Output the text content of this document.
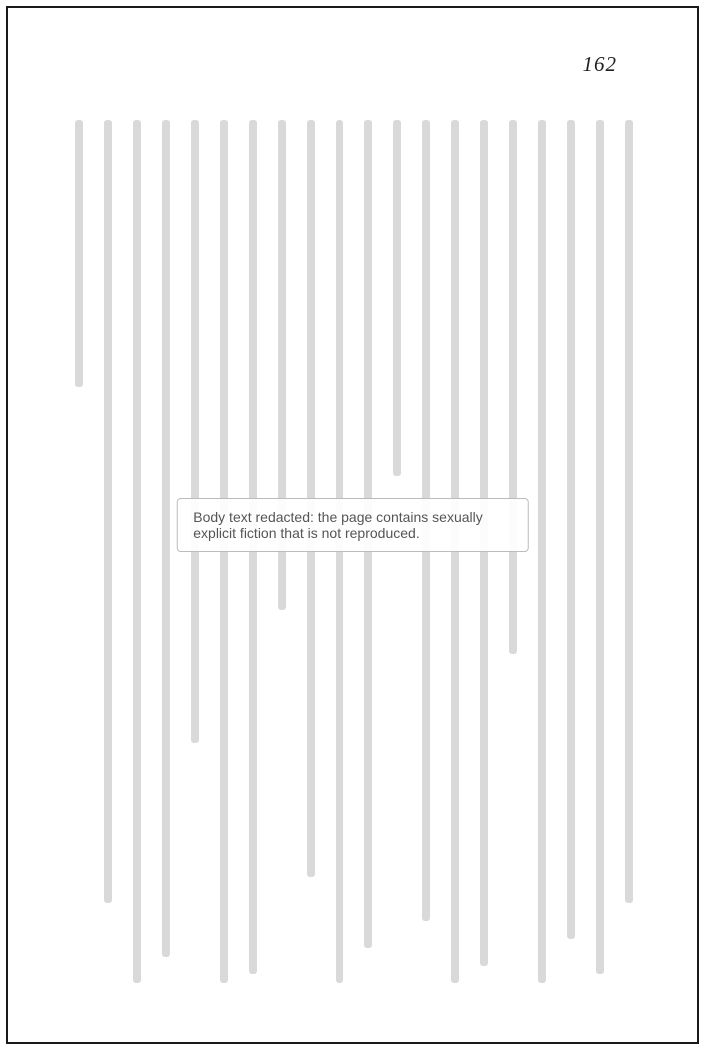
162
Body text redacted: the page contains sexually explicit fiction that is not reproduced.
